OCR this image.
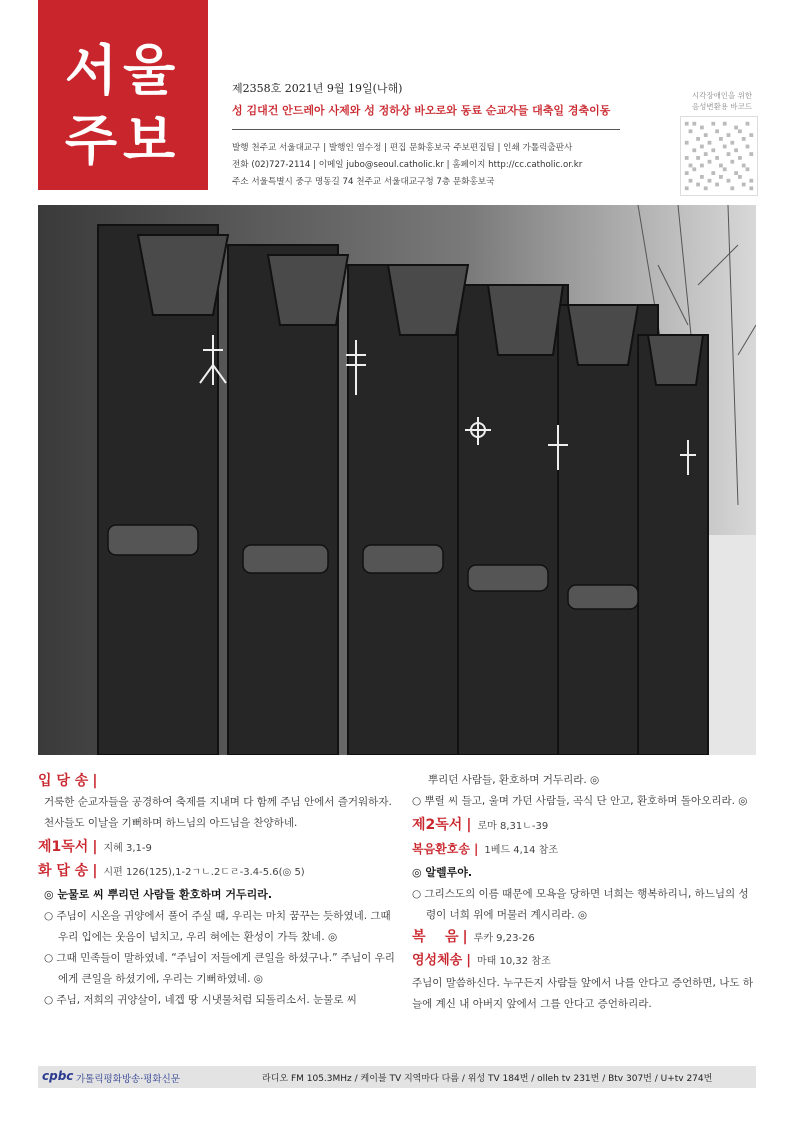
서울
주보
제2358호 2021년 9월 19일(나해)
성 김대건 안드레아 사제와 성 정하상 바오로와 동료 순교자들 대축일 경축이동
발행 천주교 서울대교구 | 발행인 염수정 | 편집 문화홍보국 주보편집팀 | 인쇄 가톨릭출판사
전화 (02)727-2114 | 이메일 jubo@seoul.catholic.kr | 홈페이지 http://cc.catholic.or.kr
주소 서울특별시 중구 명동길 74 천주교 서울대교구청 7층 문화홍보국
시각장애인을 위한
음성변환용 바코드
입 당 송 |
거룩한 순교자들을 공경하여 축제를 지내며 다 함께 주님 안에서 즐거워하자. 천사들도 이날을 기뻐하며 하느님의 아드님을 찬양하네.
제1독서 | 지혜 3,1-9
화 답 송 | 시편 126(125),1-2ㄱㄴ.2ㄷㄹ-3.4-5.6(◎ 5)
◎ 눈물로 씨 뿌리던 사람들 환호하며 거두리라.
○ 주님이 시온을 귀양에서 풀어 주실 때, 우리는 마치 꿈꾸는 듯하였네. 그때 우리 입에는 웃음이 넘치고, 우리 혀에는 환성이 가득 찼네. ◎
○ 그때 민족들이 말하였네. “주님이 저들에게 큰일을 하셨구나.” 주님이 우리에게 큰일을 하셨기에, 우리는 기뻐하였네. ◎
○ 주님, 저희의 귀양살이, 네겝 땅 시냇물처럼 되돌리소서. 눈물로 씨
뿌리던 사람들, 환호하며 거두리라. ◎
○ 뿌릴 씨 들고, 울며 가던 사람들, 곡식 단 안고, 환호하며 돌아오리라. ◎
제2독서 | 로마 8,31ㄴ-39
복음환호송 | 1베드 4,14 참조
◎ 알렐루야.
○ 그리스도의 이름 때문에 모욕을 당하면 너희는 행복하리니, 하느님의 성령이 너희 위에 머물러 계시리라. ◎
복    음 | 루카 9,23-26
영성체송 | 마태 10,32 참조
주님이 말씀하신다. 누구든지 사람들 앞에서 나를 안다고 증언하면, 나도 하늘에 계신 내 아버지 앞에서 그를 안다고 증언하리라.
cpbc 가톨릭평화방송·평화신문	라디오 FM 105.3MHz / 케이블 TV 지역마다 다름 / 위성 TV 184번 / olleh tv 231번 / Btv 307번 / U+tv 274번
